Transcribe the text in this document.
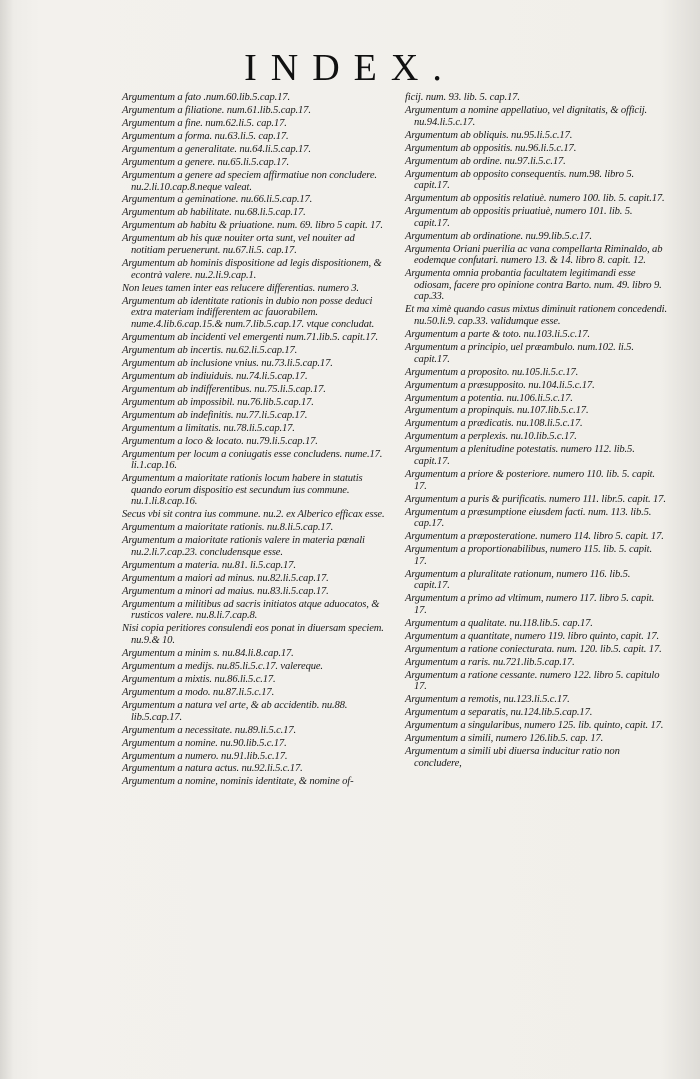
INDEX.
Argumentum a fato .num.60.lib.5.cap.17.
Argumentum a filiatione. num.61.lib.5.cap.17.
Argumentum a fine. num.62.li.5. cap.17.
Argumentum a forma. nu.63.li.5. cap.17.
Argumentum a generalitate. nu.64.li.5.cap.17.
Argumentum a genere. nu.65.li.5.cap.17.
Argumentum a genere ad speciem affirmatiue non concludere. nu.2.li.10.cap.8.neque valeat.
Argumentum a geminatione. nu.66.li.5.cap.17.
Argumentum ab habilitate. nu.68.li.5.cap.17.
Argumentum ab habitu & priuatione. num. 69. libro 5 capit. 17.
Argumentum ab his quæ nouiter orta sunt, vel nouiter ad notitiam peruenerunt. nu.67.li.5. cap.17.
Argumentum ab hominis dispositione ad legis dispositionem, & econtrà valere. nu.2.li.9.cap.1.
Non leues tamen inter eas relucere differentias. numero 3.
Argumentum ab identitate rationis in dubio non posse deduci extra materiam indifferentem ac fauorabilem. nume.4.lib.6.cap.15.& num.7.lib.5.cap.17. vtque concludat.
Argumentum ab incidenti vel emergenti num.71.lib.5. capit.17.
Argumentum ab incertis. nu.62.li.5.cap.17.
Argumentum ab inclusione vnius. nu.73.li.5.cap.17.
Argumentum ab indiuiduis. nu.74.li.5.cap.17.
Argumentum ab indifferentibus. nu.75.li.5.cap.17.
Argumentum ab impossibil. nu.76.lib.5.cap.17.
Argumentum ab indefinitis. nu.77.li.5.cap.17.
Argumentum a limitatis. nu.78.li.5.cap.17.
Argumentum a loco & locato. nu.79.li.5.cap.17.
Argumentum per locum a coniugatis esse concludens. nume.17. li.1.cap.16.
Argumentum a maioritate rationis locum habere in statutis quando eorum dispositio est secundum ius commune. nu.1.li.8.cap.16.
Secus vbi sit contra ius commune. nu.2. ex Alberico efficax esse.
Argumentum a maioritate rationis. nu.8.li.5.cap.17.
Argumentum a maioritate rationis valere in materia pœnali nu.2.li.7.cap.23. concludensque esse.
Argumentum a materia. nu.81. li.5.cap.17.
Argumentum a maiori ad minus. nu.82.li.5.cap.17.
Argumentum a minori ad maius. nu.83.li.5.cap.17.
Argumentum a militibus ad sacris initiatos atque aduocatos, & rusticos valere. nu.8.li.7.cap.8.
Nisi copia peritiores consulendi eos ponat in diuersam speciem. nu.9.& 10.
Argumentum a minim s. nu.84.li.8.cap.17.
Argumentum a medijs. nu.85.li.5.c.17. valereque.
Argumentum a mixtis. nu.86.li.5.c.17.
Argumentum a modo. nu.87.li.5.c.17.
Argumentum a natura vel arte, & ab accidentib. nu.88. lib.5.cap.17.
Argumentum a necessitate. nu.89.li.5.c.17.
Argumentum a nomine. nu.90.lib.5.c.17.
Argumentum a numero. nu.91.lib.5.c.17.
Argumentum a natura actus. nu.92.li.5.c.17.
Argumentum a nomine, nominis identitate, & nomine of-
ficij. num. 93. lib. 5. cap.17.
Argumentum a nomine appellatiuo, vel dignitatis, & officij. nu.94.li.5.c.17.
Argumentum ab obliquis. nu.95.li.5.c.17.
Argumentum ab oppositis. nu.96.li.5.c.17.
Argumentum ab ordine. nu.97.li.5.c.17.
Argumentum ab opposito consequentis. num.98. libro 5. capit.17.
Argumentum ab oppositis relatiuè. numero 100. lib. 5. capit.17.
Argumentum ab oppositis priuatiuè, numero 101. lib. 5. capit.17.
Argumentum ab ordinatione. nu.99.lib.5.c.17.
Argumenta Oriani puerilia ac vana compellarta Riminaldo, ab eodemque confutari. numero 13. & 14. libro 8. capit. 12.
Argumenta omnia probantia facultatem legitimandi esse odiosam, facere pro opinione contra Barto. num. 49. libro 9. cap.33.
Et ma ximè quando casus mixtus diminuit rationem concedendi. nu.50.li.9. cap.33. validumque esse.
Argumentum a parte & toto. nu.103.li.5.c.17.
Argumentum a principio, uel præambulo. num.102. li.5. capit.17.
Argumentum a proposito. nu.105.li.5.c.17.
Argumentum a præsupposito. nu.104.li.5.c.17.
Argumentum a potentia. nu.106.li.5.c.17.
Argumentum a propinquis. nu.107.lib.5.c.17.
Argumentum a prædicatis. nu.108.li.5.c.17.
Argumentum a perplexis. nu.10.lib.5.c.17.
Argumentum a plenitudine potestatis. numero 112. lib.5. capit.17.
Argumentum a priore & posteriore. numero 110. lib. 5. capit. 17.
Argumentum a puris & purificatis. numero 111. libr.5. capit. 17.
Argumentum a præsumptione eiusdem facti. num. 113. lib.5. cap.17.
Argumentum a præposteratione. numero 114. libro 5. capit. 17.
Argumentum a proportionabilibus, numero 115. lib. 5. capit. 17.
Argumentum a pluralitate rationum, numero 116. lib.5. capit.17.
Argumentum a primo ad vltimum, numero 117. libro 5. capit. 17.
Argumentum a qualitate. nu.118.lib.5. cap.17.
Argumentum a quantitate, numero 119. libro quinto, capit. 17.
Argumentum a ratione coniecturata. num. 120. lib.5. capit. 17.
Argumentum a raris. nu.721.lib.5.cap.17.
Argumentum a ratione cessante. numero 122. libro 5. capitulo 17.
Argumentum a remotis, nu.123.li.5.c.17.
Argumentum a separatis, nu.124.lib.5.cap.17.
Argumentum a singularibus, numero 125. lib. quinto, capit. 17.
Argumentum a simili, numero 126.lib.5. cap. 17.
Argumentum a simili ubi diuersa inducitur ratio non concludere,
